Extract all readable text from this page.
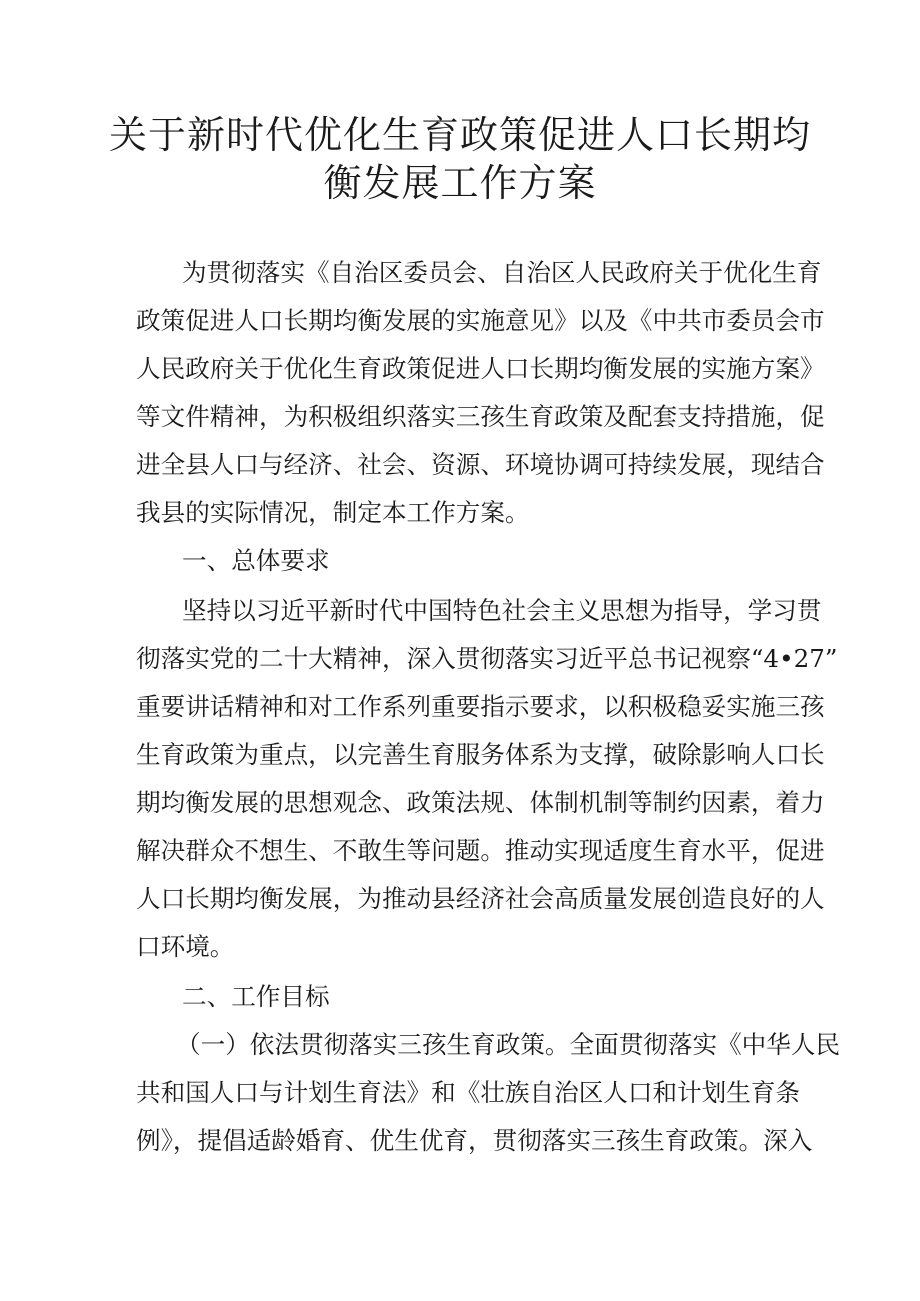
关于新时代优化生育政策促进人口长期均
衡发展工作方案

为贯彻落实《自治区委员会、自治区人民政府关于优化生育

政策促进人口长期均衡发展的实施意见》以及《中共市委员会市

人民政府关于优化生育政策促进人口长期均衡发展的实施方案》

等文件精神，为积极组织落实三孩生育政策及配套支持措施，促

进全县人口与经济、社会、资源、环境协调可持续发展，现结合

我县的实际情况，制定本工作方案。

一、总体要求

坚持以习近平新时代中国特色社会主义思想为指导，学习贯

彻落实党的二十大精神，深入贯彻落实习近平总书记视察“4•27”

重要讲话精神和对工作系列重要指示要求，以积极稳妥实施三孩

生育政策为重点，以完善生育服务体系为支撑，破除影响人口长

期均衡发展的思想观念、政策法规、体制机制等制约因素，着力

解决群众不想生、不敢生等问题。推动实现适度生育水平，促进

人口长期均衡发展，为推动县经济社会高质量发展创造良好的人

口环境。

二、工作目标

（一）依法贯彻落实三孩生育政策。全面贯彻落实《中华人民

共和国人口与计划生育法》和《壮族自治区人口和计划生育条

例》，提倡适龄婚育、优生优育，贯彻落实三孩生育政策。深入
